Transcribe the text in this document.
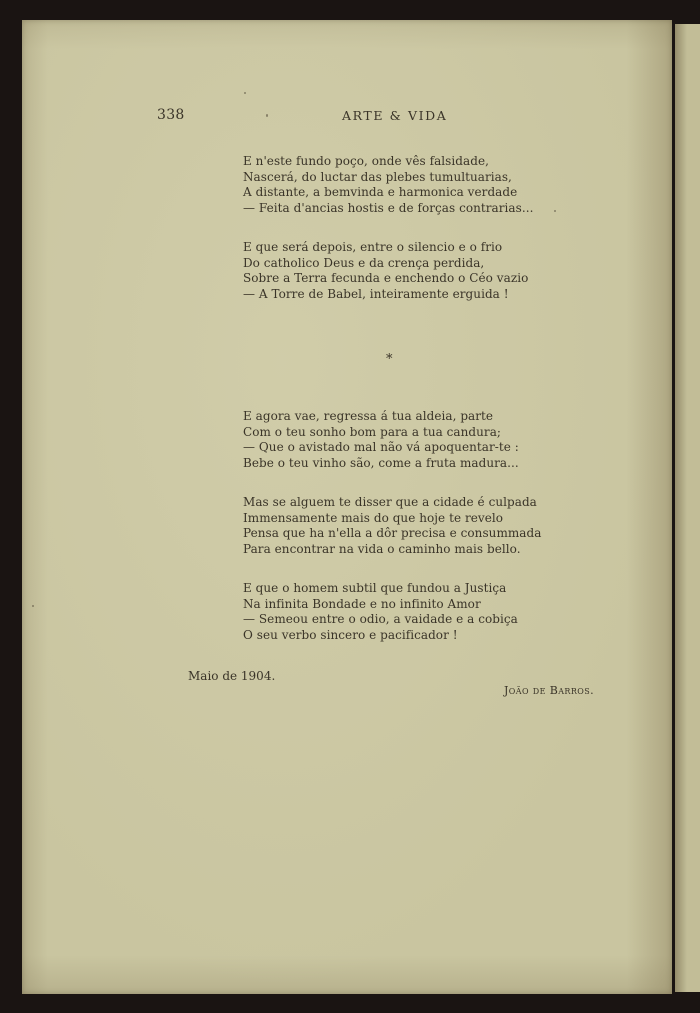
338	ARTE & VIDA
E n'este fundo poço, onde vês falsidade,
Nascerá, do luctar das plebes tumultuarias,
A distante, a bemvinda e harmonica verdade
— Feita d'ancias hostis e de forças contrarias...
E que será depois, entre o silencio e o frio
Do catholico Deus e da crença perdida,
Sobre a Terra fecunda e enchendo o Céo vazio
— A Torre de Babel, inteiramente erguida !
*
E agora vae, regressa á tua aldeia, parte
Com o teu sonho bom para a tua candura;
— Que o avistado mal não vá apoquentar-te :
Bebe o teu vinho são, come a fruta madura...
Mas se alguem te disser que a cidade é culpada
Immensamente mais do que hoje te revelo
Pensa que ha n'ella a dôr precisa e consummada
Para encontrar na vida o caminho mais bello.
E que o homem subtil que fundou a Justiça
Na infinita Bondade e no infinito Amor
— Semeou entre o odio, a vaidade e a cobiça
O seu verbo sincero e pacificador !
Maio de 1904.
João de Barros.
